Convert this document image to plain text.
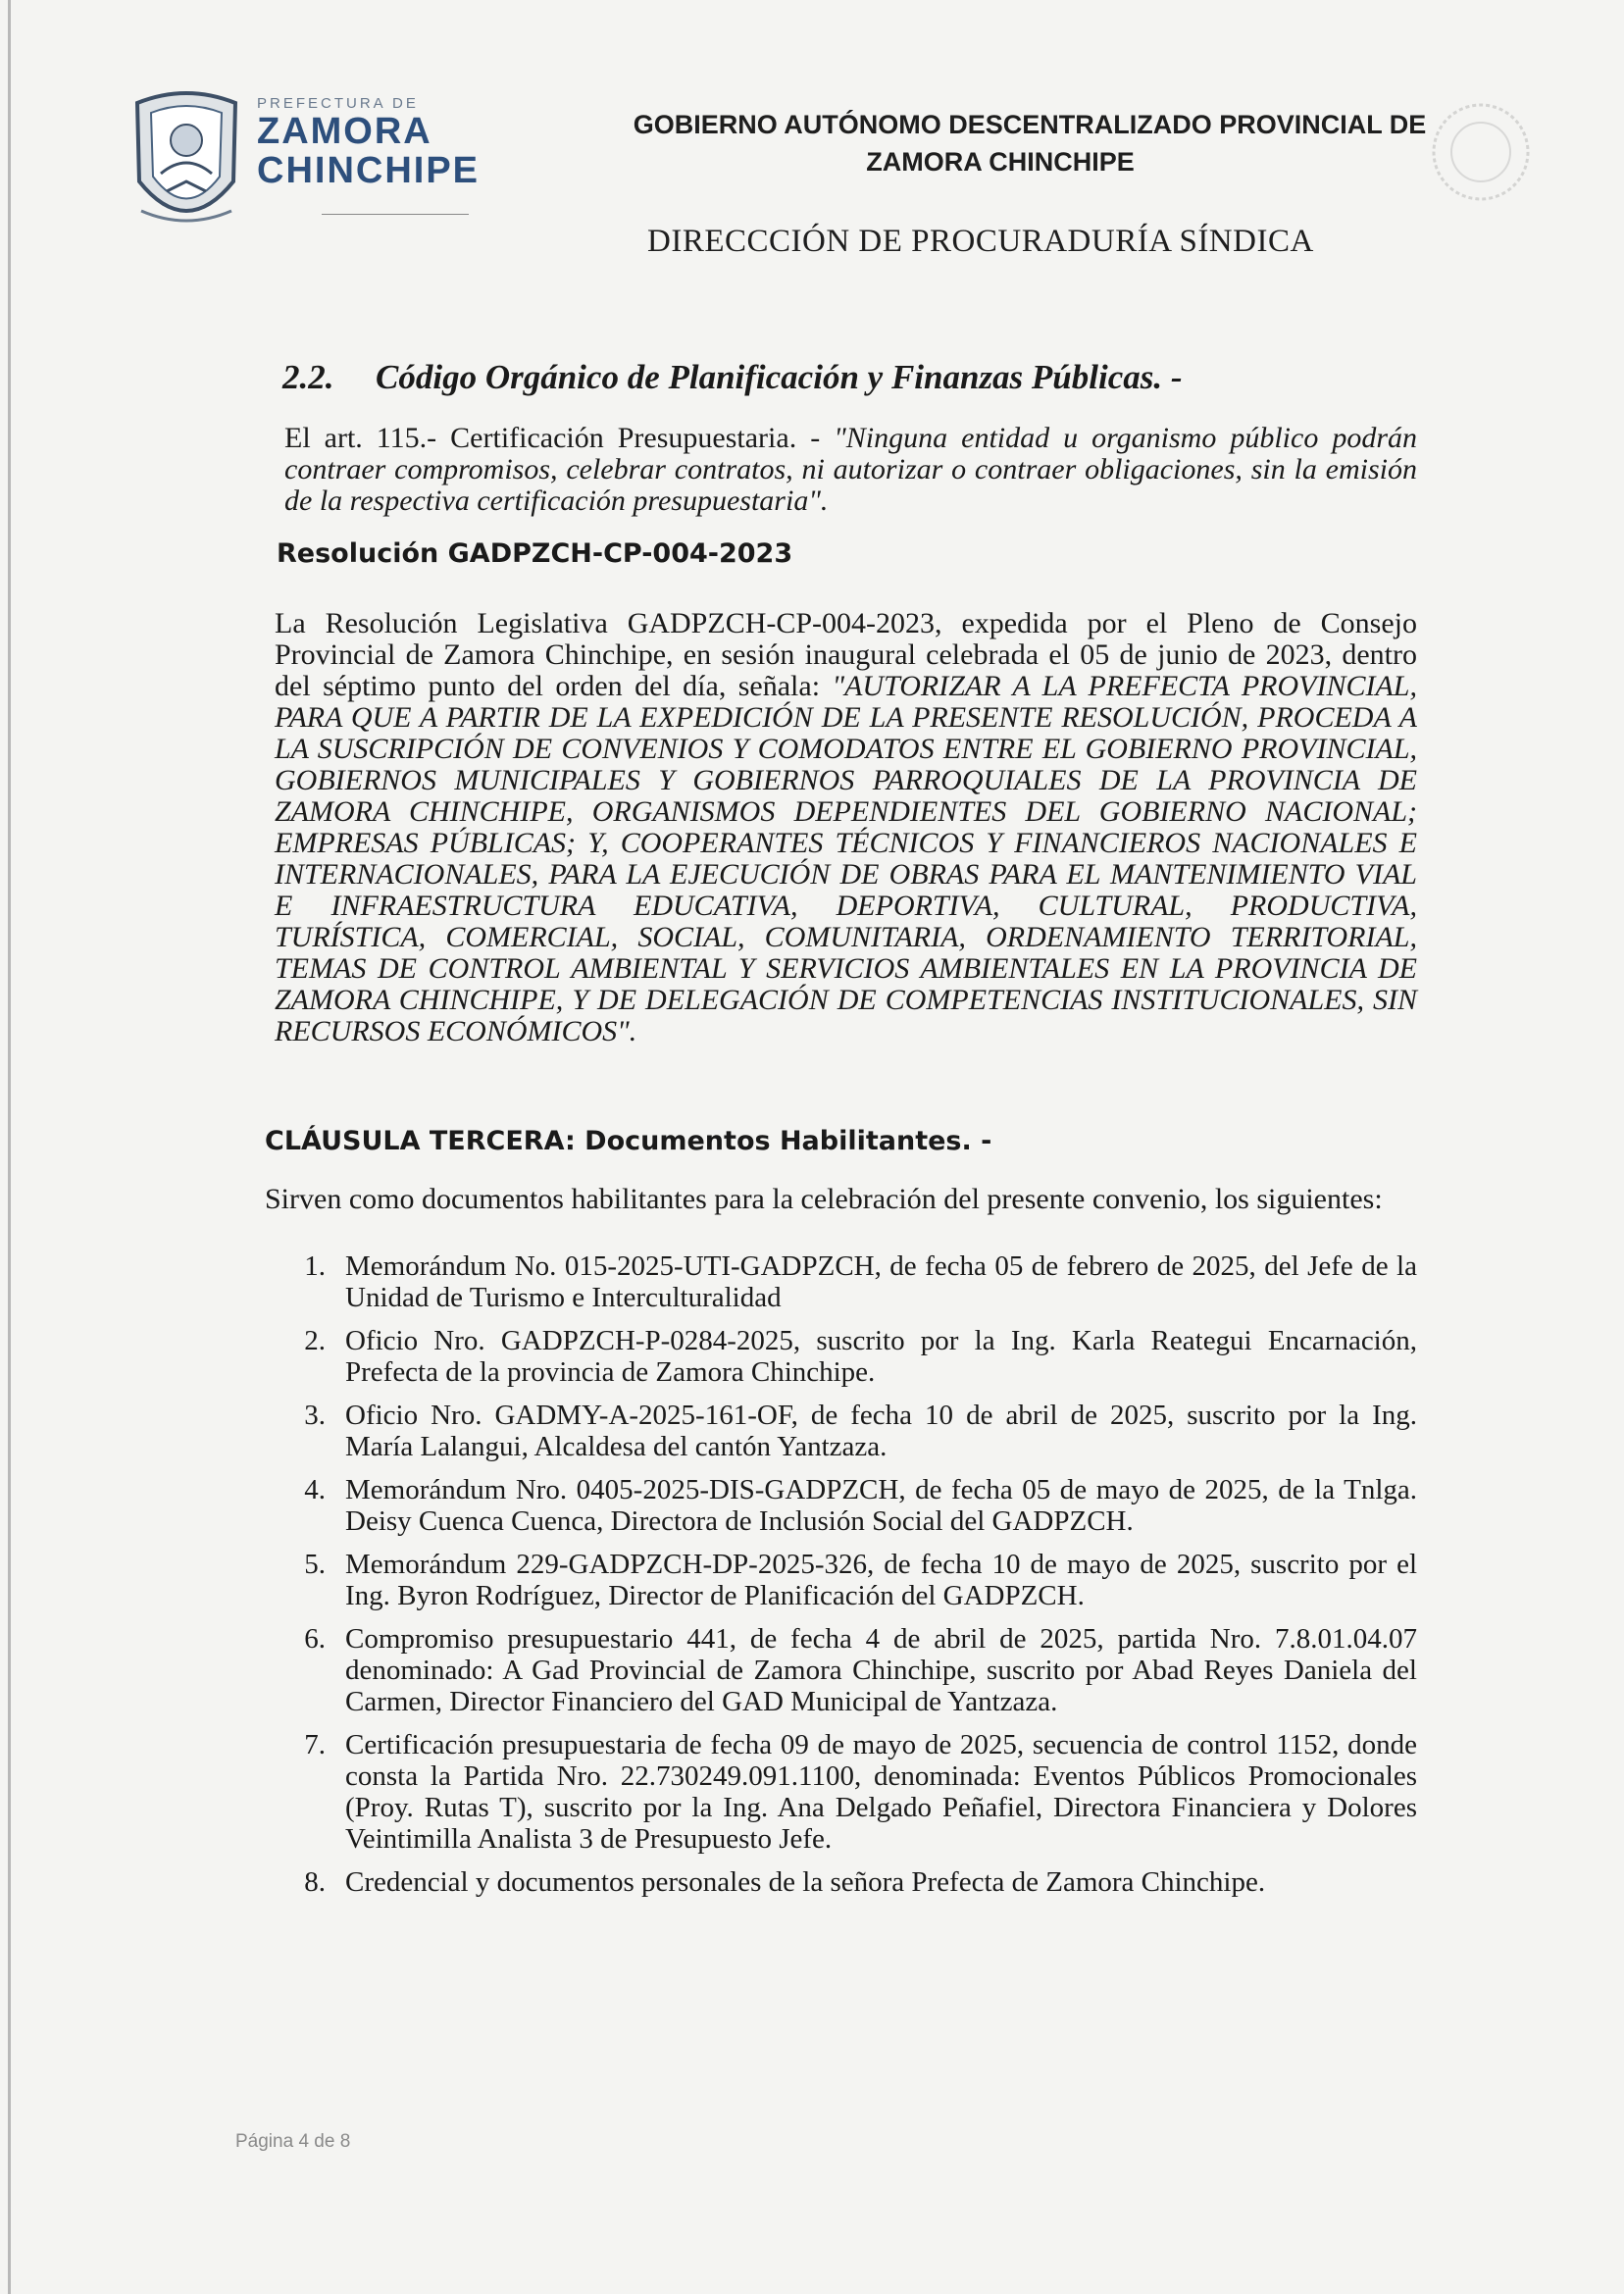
PREFECTURA DE
ZAMORA
CHINCHIPE
GOBIERNO AUTÓNOMO DESCENTRALIZADO PROVINCIAL DE
ZAMORA CHINCHIPE
DIRECCCIÓN DE PROCURADURÍA SÍNDICA
2.2. Código Orgánico de Planificación y Finanzas Públicas. -

El art. 115.- Certificación Presupuestaria. - "Ninguna entidad u organismo público podrán contraer compromisos, celebrar contratos, ni autorizar o contraer obligaciones, sin la emisión de la respectiva certificación presupuestaria".

Resolución GADPZCH-CP-004-2023

La Resolución Legislativa GADPZCH-CP-004-2023, expedida por el Pleno de Consejo Provincial de Zamora Chinchipe, en sesión inaugural celebrada el 05 de junio de 2023, dentro del séptimo punto del orden del día, señala: "AUTORIZAR A LA PREFECTA PROVINCIAL, PARA QUE A PARTIR DE LA EXPEDICIÓN DE LA PRESENTE RESOLUCIÓN, PROCEDA A LA SUSCRIPCIÓN DE CONVENIOS Y COMODATOS ENTRE EL GOBIERNO PROVINCIAL, GOBIERNOS MUNICIPALES Y GOBIERNOS PARROQUIALES DE LA PROVINCIA DE ZAMORA CHINCHIPE, ORGANISMOS DEPENDIENTES DEL GOBIERNO NACIONAL; EMPRESAS PÚBLICAS; Y, COOPERANTES TÉCNICOS Y FINANCIEROS NACIONALES E INTERNACIONALES, PARA LA EJECUCIÓN DE OBRAS PARA EL MANTENIMIENTO VIAL E INFRAESTRUCTURA EDUCATIVA, DEPORTIVA, CULTURAL, PRODUCTIVA, TURÍSTICA, COMERCIAL, SOCIAL, COMUNITARIA, ORDENAMIENTO TERRITORIAL, TEMAS DE CONTROL AMBIENTAL Y SERVICIOS AMBIENTALES EN LA PROVINCIA DE ZAMORA CHINCHIPE, Y DE DELEGACIÓN DE COMPETENCIAS INSTITUCIONALES, SIN RECURSOS ECONÓMICOS".

CLÁUSULA TERCERA: Documentos Habilitantes. -

Sirven como documentos habilitantes para la celebración del presente convenio, los siguientes:

1. Memorándum No. 015-2025-UTI-GADPZCH, de fecha 05 de febrero de 2025, del Jefe de la Unidad de Turismo e Interculturalidad
2. Oficio Nro. GADPZCH-P-0284-2025, suscrito por la Ing. Karla Reategui Encarnación, Prefecta de la provincia de Zamora Chinchipe.
3. Oficio Nro. GADMY-A-2025-161-OF, de fecha 10 de abril de 2025, suscrito por la Ing. María Lalangui, Alcaldesa del cantón Yantzaza.
4. Memorándum Nro. 0405-2025-DIS-GADPZCH, de fecha 05 de mayo de 2025, de la Tnlga. Deisy Cuenca Cuenca, Directora de Inclusión Social del GADPZCH.
5. Memorándum 229-GADPZCH-DP-2025-326, de fecha 10 de mayo de 2025, suscrito por el Ing. Byron Rodríguez, Director de Planificación del GADPZCH.
6. Compromiso presupuestario 441, de fecha 4 de abril de 2025, partida Nro. 7.8.01.04.07 denominado: A Gad Provincial de Zamora Chinchipe, suscrito por Abad Reyes Daniela del Carmen, Director Financiero del GAD Municipal de Yantzaza.
7. Certificación presupuestaria de fecha 09 de mayo de 2025, secuencia de control 1152, donde consta la Partida Nro. 22.730249.091.1100, denominada: Eventos Públicos Promocionales (Proy. Rutas T), suscrito por la Ing. Ana Delgado Peñafiel, Directora Financiera y Dolores Veintimilla Analista 3 de Presupuesto Jefe.
8. Credencial y documentos personales de la señora Prefecta de Zamora Chinchipe.
Página 4 de 8
